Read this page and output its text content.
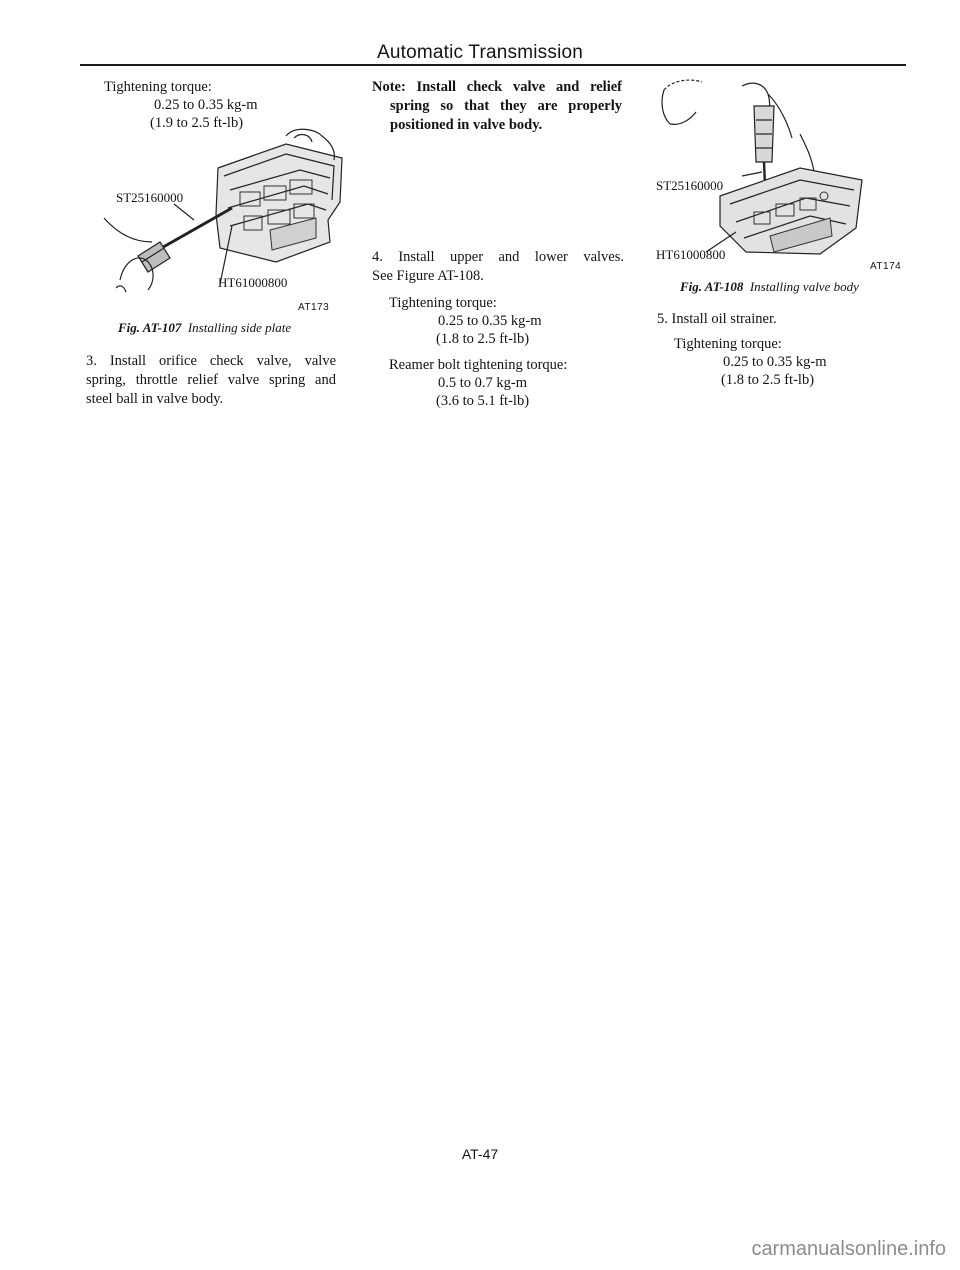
Automatic Transmission
Tightening torque:
0.25 to 0.35 kg-m
(1.9 to 2.5 ft-lb)
ST25160000
HT61000800
AT173
Fig. AT-107 Installing side plate
3. Install orifice check valve, valve
spring, throttle relief valve spring and
steel ball in valve body.
Note: Install check valve and relief
spring so that they are properly
positioned in valve body.
4. Install upper and lower valves.
See Figure AT-108.
Tightening torque:
0.25 to 0.35 kg-m
(1.8 to 2.5 ft-lb)
Reamer bolt tightening torque:
0.5 to 0.7 kg-m
(3.6 to 5.1 ft-lb)
ST25160000
HT61000800
AT174
Fig. AT-108 Installing valve body
5. Install oil strainer.
Tightening torque:
0.25 to 0.35 kg-m
(1.8 to 2.5 ft-lb)
AT-47
carmanualsonline.info
